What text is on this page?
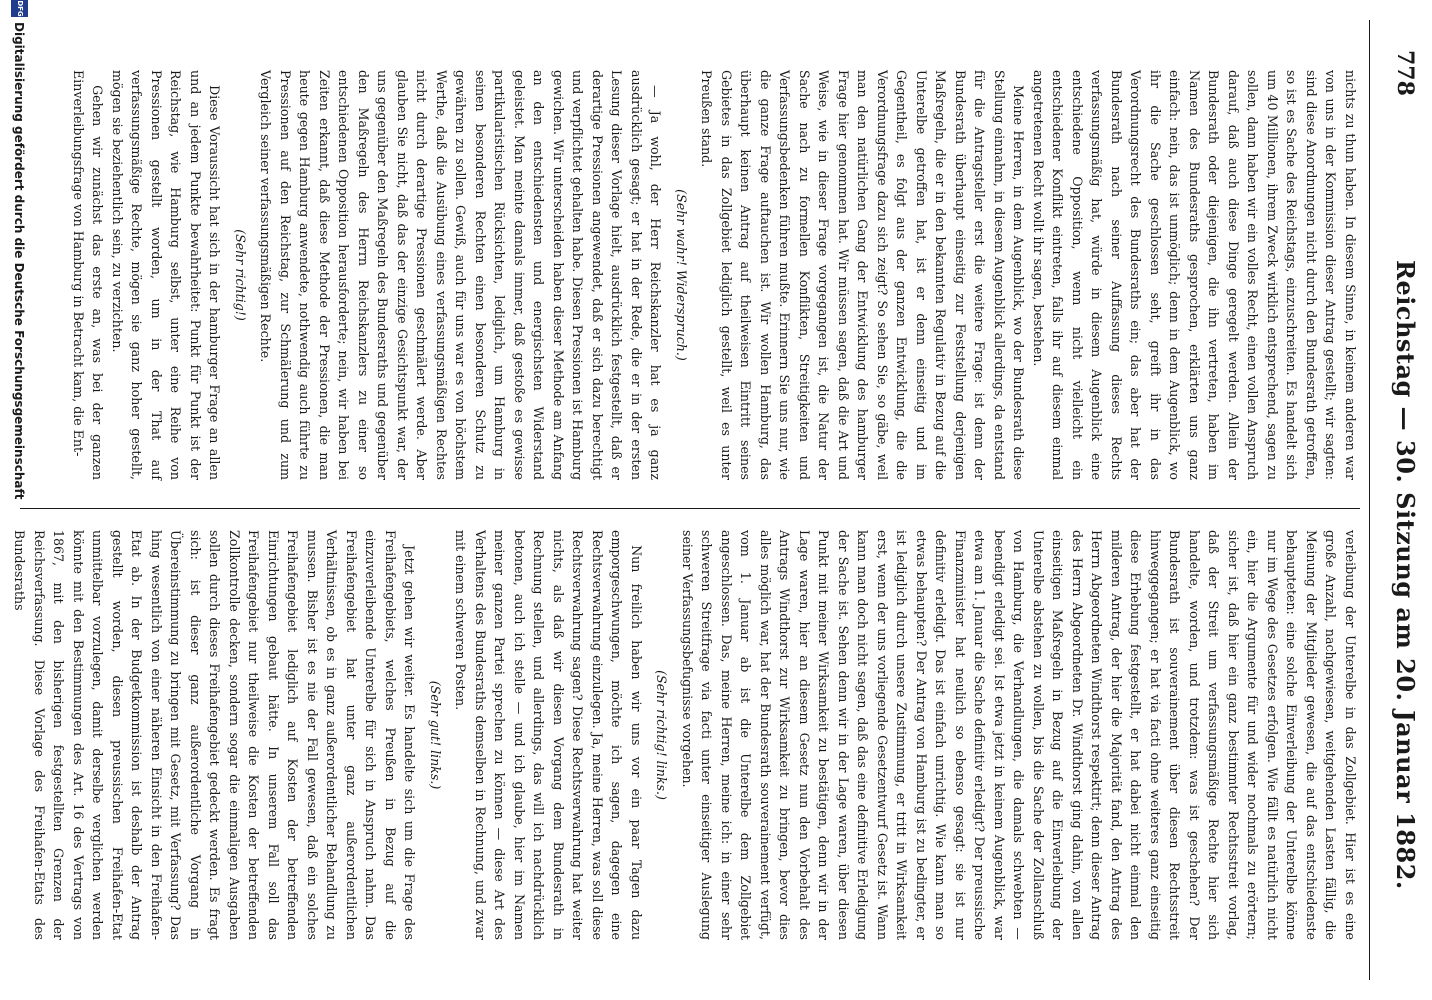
778
Reichstag — 30. Sitzung am 20. Januar 1882.

nichts zu thun haben. In diesem Sinne, in keinem anderen war von uns in der Kommission dieser Antrag gestellt; wir sagten: sind diese Anordnungen nicht durch den Bundesrath getroffen, so ist es Sache des Reichstags, einzuschreiten. Es handelt sich um 40 Millionen, ihrem Zweck wirklich entsprechend, sagen zu sollen, dann haben wir ein volles Recht, einen vollen Anspruch darauf, daß auch diese Dinge geregelt werden. Allein der Bundesrath oder diejenigen, die ihn vertreten, haben im Namen des Bundesraths gesprochen, erklärten uns ganz einfach: nein, das ist unmöglich; denn in dem Augenblick, wo ihr die Sache geschlossen seht, greift ihr in das Verordnungsrecht des Bundesraths ein; das aber hat der Bundesrath nach seiner Auffassung dieses Rechts verfassungsmäßig hat, würde in diesem Augenblick eine entschiedene Opposition, wenn nicht vielleicht ein entschiedener Konflikt eintreten, falls ihr auf diesem einmal angetretenen Recht wollt ihr sagen, bestehen.

Meine Herren, in dem Augenblick, wo der Bundesrath diese Stellung einnahm, in diesem Augenblick allerdings, da entstand für die Antragsteller erst die weitere Frage: ist denn der Bundesrath überhaupt einseitig zur Feststellung derjenigen Maßregeln, die er in den bekannten Regulativ in Bezug auf die Unterelbe getroffen hat, ist er denn einseitig und im Gegentheil, es folgt aus der ganzen Entwicklung, die die Verordnungsfrage dazu sich zeigt? So sehen Sie, so gäbe, weil man den natürlichen Gang der Entwicklung des hamburger Frage hier genommen hat. Wir müssen sagen, daß die Art und Weise, wie in dieser Frage vorgegangen ist, die Natur der Sache nach zu formellen Konflikten, Streitigkeiten und Verfassungsbedenken führen mußte. Erinnern Sie uns nur, wie die ganze Frage auftauchen ist. Wir wollen Hamburg, das überhaupt keinen Antrag auf theilweisen Eintritt seines Gebietes in das Zollgebiet lediglich gestellt, weil es unter Preußen stand.

(Sehr wahr! Widerspruch.)

— Ja wohl, der Herr Reichskanzler hat es ja ganz ausdrücklich gesagt; er hat in der Rede, die er in der ersten Lesung dieser Vorlage hielt, ausdrücklich festgestellt, daß er derartige Pressionen angewendet, daß er sich dazu berechtigt und verpflichtet gehalten habe. Diesen Pressionen ist Hamburg gewichen. Wir unterscheiden haben dieser Methode am Anfang an den entschiedensten und energischsten Widerstand geleistet. Man meinte damals immer, daß gestoße es gewisse partikularistischen Rücksichten, lediglich, um Hamburg in seinen besonderen Rechten einen besonderen Schutz zu gewähren zu sollen. Gewiß, auch für uns war es von höchstem Werthe, daß die Ausübung eines verfassungsmäßigen Rechtes nicht durch derartige Pressionen geschmälert werde. Aber glauben Sie nicht, daß das der einzige Gesichtspunkt war, der uns gegenüber den Maßregeln des Bundesraths und gegenüber den Maßregeln des Herrn Reichskanzlers zu einer so entschiedenen Opposition herausforderte; nein, wir haben bei Zeiten erkannt, daß diese Methode der Pressionen, die man heute gegen Hamburg anwendete, nothwendig auch führte zu Pressionen auf den Reichstag, zur Schmälerung und zum Vergleich seiner verfassungsmäßigen Rechte.

(Sehr richtig!)

Diese Voraussicht hat sich in der hamburger Frage an allen und an jedem Punkte bewahrheitet: Punkt für Punkt ist der Reichstag, wie Hamburg selbst, unter eine Reihe von Pressionen gestellt worden, um in der That auf verfassungsmäßige Rechte, mögen sie ganz hoher gestellt, mögen sie beziehentlich sein, zu verzichten.

Gehen wir zunächst das erste an, was bei der ganzen Einverleibungsfrage von Hamburg in Betracht kam, die Ent-

verleibung der Unterelbe in das Zollgebiet. Hier ist es eine große Anzahl, nachgewiesen, weitgehenden Lasten fällig, die Meinung der Mitglieder gewesen, die auf das entschiedenste behaupteten: eine solche Einverleibung der Unterelbe könne nur im Wege des Gesetzes erfolgen. Wie fällt es natürlich nicht ein, hier die Argumente für und wider nochmals zu erörtern; sicher ist, daß hier ein ganz bestimmter Rechtsstreit vorlag, daß der Streit um verfassungsmäßige Rechte hier sich handelte, worden, und trotzdem: was ist geschehen? Der Bundesrath ist souverainement über diesen Rechtsstreit hinweggegangen; er hat via facti ohne weiteres ganz einseitig diese Erhebung festgestellt, er hat dabei nicht einmal den milderen Antrag, der hier die Majorität fand, den Antrag des Herrn Abgeordneten Windthorst respektirt; denn dieser Antrag des Herrn Abgeordneten Dr. Windthorst ging dahin, von allen einseitigen Maßregeln in Bezug auf die Einverleibung der Unterelbe abstehen zu wollen, bis die Sache der Zollanschluß von Hamburg, die Verhandlungen, die damals schwebten — beendigt erledigt sei. Ist etwa jetzt in keinem Augenblick, war etwa am 1. Januar die Sache definitiv erledigt? Der preussische Finanzminister hat neulich so ebenso gesagt: sie ist nur definitiv erledigt. Das ist einfach unrichtig. Wie kann man so etwas behaupten? Der Antrag von Hamburg ist zu bedingter, er ist lediglich durch unsere Zustimmung, er tritt in Wirksamkeit erst, wenn der uns vorliegende Gesetzentwurf Gesetz ist. Wann kann man doch nicht sagen, daß das eine definitive Erledigung der Sache ist. Sehen denn wir in der Lage waren, über diesen Punkt mit meiner Wirksamkeit zu bestätigen, denn wir in der Lage waren, hier an diesem Gesetz nun den Vorbehalt des Antrags Windthorst zur Wirksamkeit zu bringen, bevor dies alles möglich war, hat der Bundesrath souverainement verfügt, vom 1. Januar ab ist die Unterelbe dem Zollgebiet angeschlossen. Das, meine Herren, meine ich: in einer sehr schweren Streitfrage via facti unter einseitiger Auslegung seiner Verfassungsbefugnisse vorgehen.

(Sehr richtig! links.)

Nun freilich haben wir uns vor ein paar Tagen dazu emporgeschwungen, möchte ich sagen, dagegen eine Rechtsverwahrung einzulegen. Ja, meine Herren, was soll diese Rechtsverwahrung sagen? Diese Rechtsverwahrung hat weiter nichts, als daß wir diesen Vorgang dem Bundesrath in Rechnung stellen, und allerdings, das will ich nachdrücklich betonen, auch ich stelle — und ich glaube, hier im Namen meiner ganzen Partei sprechen zu können — diese Art des Verhaltens des Bundesraths demselben in Rechnung, und zwar mit einem schweren Posten.

(Sehr gut! links.)

Jetzt gehen wir weiter. Es handelte sich um die Frage des Freihafengebiets, welches Preußen in Bezug auf die einzuverleibende Unterelbe für sich in Anspruch nahm. Das Freihafengebiet hat unter ganz außerordentlichen Verhältnissen, ob es in ganz außerordentlicher Behandlung zu mussen. Bisher ist es nie der Fall gewesen, daß ein solches Freihafengebiet lediglich auf Kosten der betreffenden Einrichtungen gebaut hätte. In unserem Fall soll das Freihafengebiet nur theilweise die Kosten der betreffenden Zollkontrolle decken, sondern sogar die einmaligen Ausgaben sollen durch dieses Freihafengebiet gedeckt werden. Es fragt sich: ist dieser ganz außerordentliche Vorgang in Übereinstimmung zu bringen mit Gesetz, mit Verfassung? Das hing wesentlich von einer näheren Einsicht in den Freihafen-Etat ab. In der Budgetkommission ist deshalb der Antrag gestellt worden, diesen preussischen Freihafen-Etat unmittelbar vorzulegen, damit derselbe verglichen werden könnte mit den Bestimmungen des Art. 16 des Vertrags von 1867, mit den bisherigen festgestellten Grenzen der Reichsverfassung. Diese Vorlage des Freihafen-Etats des Bundesraths

DFG
Digitalisierung gefördert durch die Deutsche Forschungsgemeinschaft
